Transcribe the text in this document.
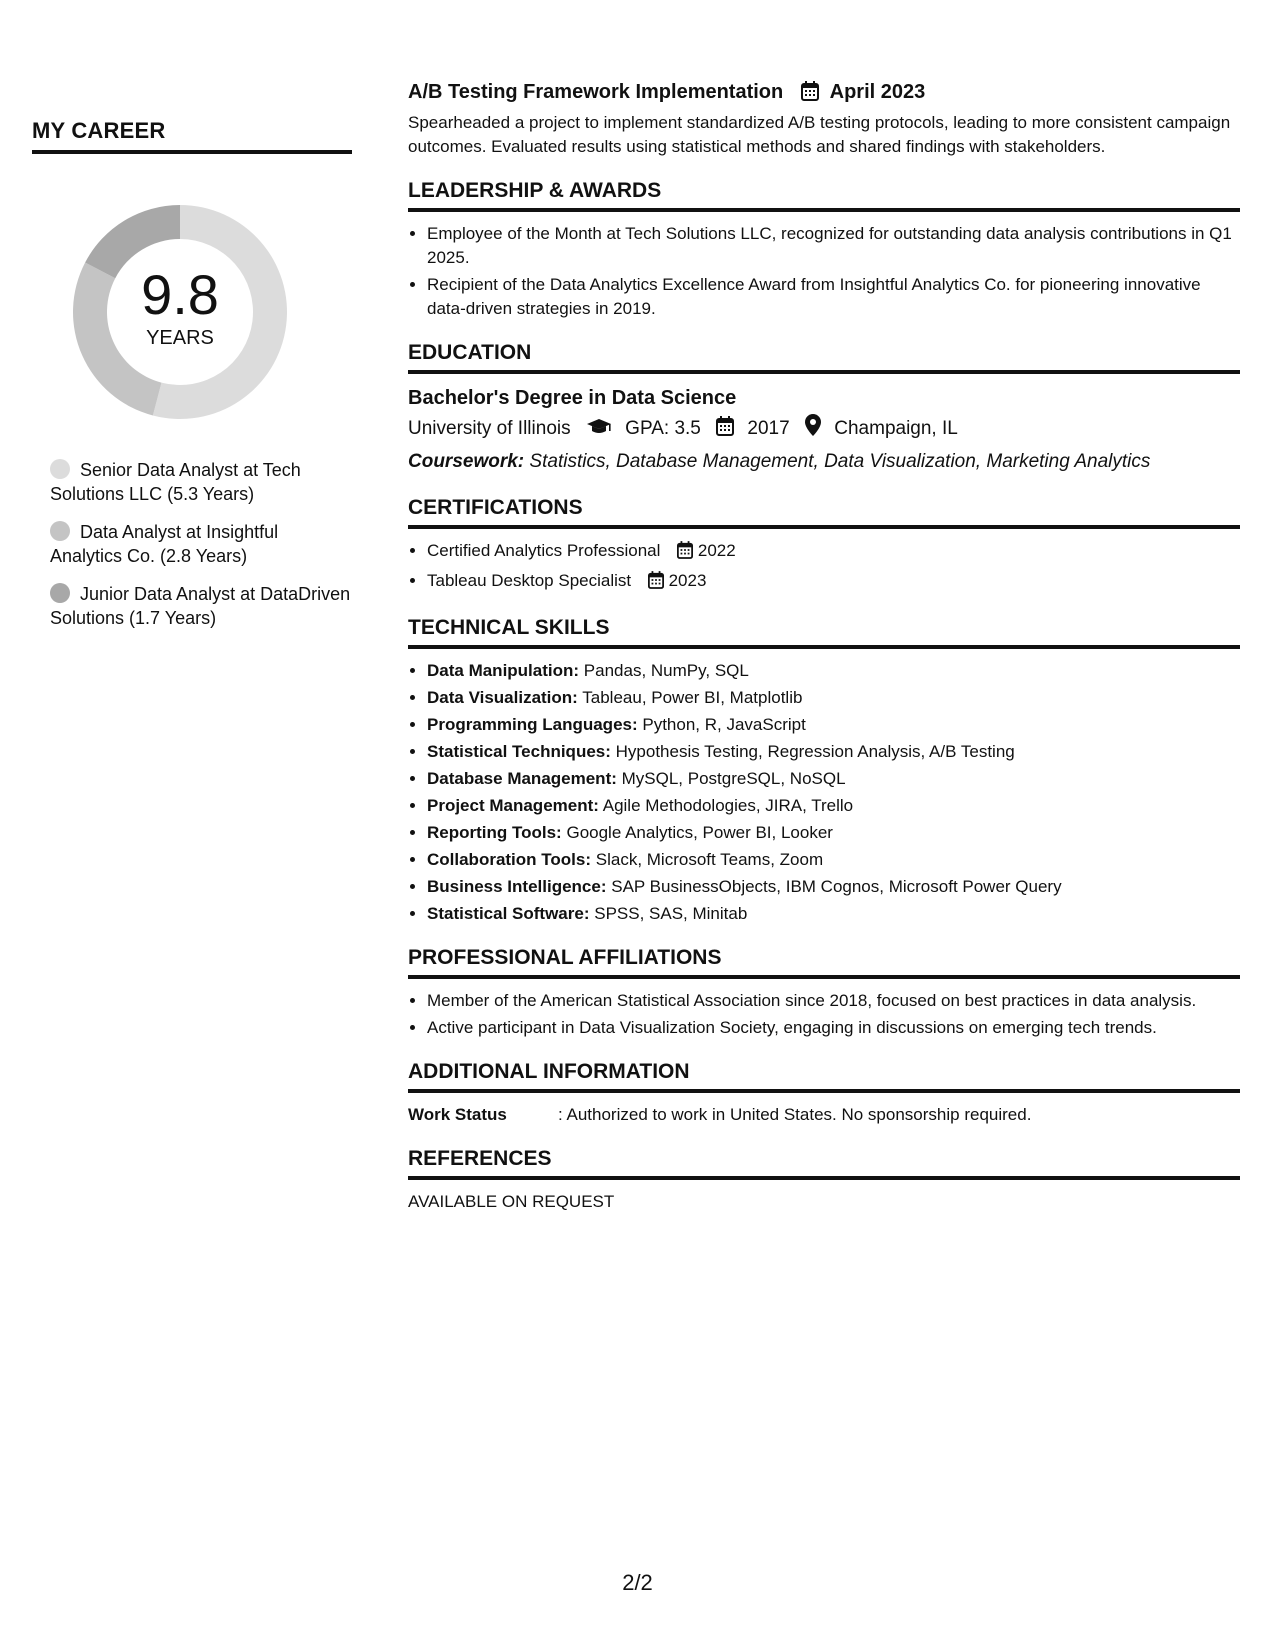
MY CAREER
9.8
YEARS
Senior Data Analyst at Tech Solutions LLC (5.3 Years)
Data Analyst at Insightful Analytics Co. (2.8 Years)
Junior Data Analyst at DataDriven Solutions (1.7 Years)
A/B Testing Framework Implementation April 2023

Spearheaded a project to implement standardized A/B testing protocols, leading to more consistent campaign outcomes. Evaluated results using statistical methods and shared findings with stakeholders.

LEADERSHIP & AWARDS
• Employee of the Month at Tech Solutions LLC, recognized for outstanding data analysis contributions in Q1 2025.
• Recipient of the Data Analytics Excellence Award from Insightful Analytics Co. for pioneering innovative data-driven strategies in 2019.
EDUCATION
Bachelor's Degree in Data Science
University of Illinois	GPA: 3.5 2017 Champaign, IL
Coursework: Statistics, Database Management, Data Visualization, Marketing Analytics
CERTIFICATIONS
• Certified Analytics Professional 2022
• Tableau Desktop Specialist 2023
TECHNICAL SKILLS
• Data Manipulation: Pandas, NumPy, SQL
• Data Visualization: Tableau, Power BI, Matplotlib
• Programming Languages: Python, R, JavaScript
• Statistical Techniques: Hypothesis Testing, Regression Analysis, A/B Testing
• Database Management: MySQL, PostgreSQL, NoSQL
• Project Management: Agile Methodologies, JIRA, Trello
• Reporting Tools: Google Analytics, Power BI, Looker
• Collaboration Tools: Slack, Microsoft Teams, Zoom
• Business Intelligence: SAP BusinessObjects, IBM Cognos, Microsoft Power Query
• Statistical Software: SPSS, SAS, Minitab
PROFESSIONAL AFFILIATIONS
• Member of the American Statistical Association since 2018, focused on best practices in data analysis.
• Active participant in Data Visualization Society, engaging in discussions on emerging tech trends.
ADDITIONAL INFORMATION
Work Status	: Authorized to work in United States. No sponsorship required.
REFERENCES
AVAILABLE ON REQUEST
2/2
